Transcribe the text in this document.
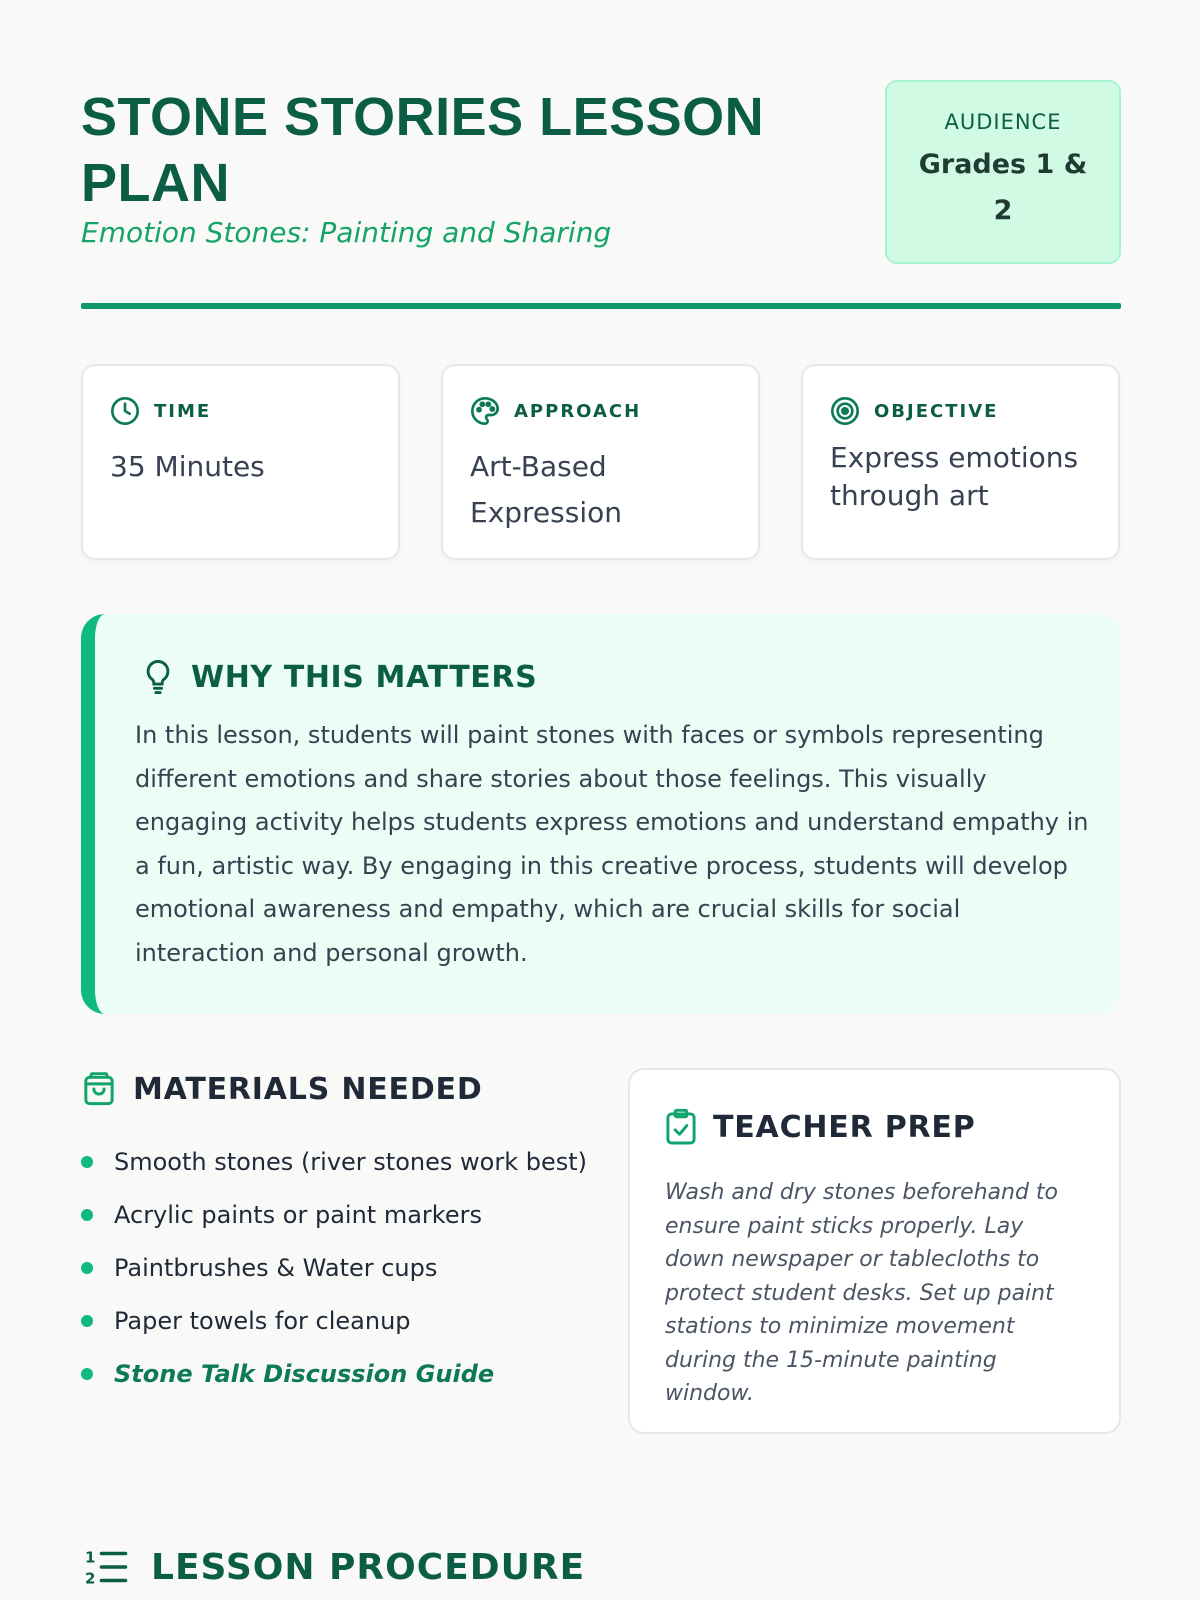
STONE STORIES LESSON PLAN
Emotion Stones: Painting and Sharing
AUDIENCE
Grades 1 & 2
TIME
35 Minutes
APPROACH
Art-Based Expression
OBJECTIVE
Express emotions through art
WHY THIS MATTERS

In this lesson, students will paint stones with faces or symbols representing different emotions and share stories about those feelings. This visually engaging activity helps students express emotions and understand empathy in a fun, artistic way. By engaging in this creative process, students will develop emotional awareness and empathy, which are crucial skills for social interaction and personal growth.

MATERIALS NEEDED
Smooth stones (river stones work best)
Acrylic paints or paint markers
Paintbrushes & Water cups
Paper towels for cleanup
Stone Talk Discussion Guide
TEACHER PREP

Wash and dry stones beforehand to ensure paint sticks properly. Lay down newspaper or tablecloths to protect student desks. Set up paint stations to minimize movement during the 15-minute painting window.

1
2 LESSON PROCEDURE
